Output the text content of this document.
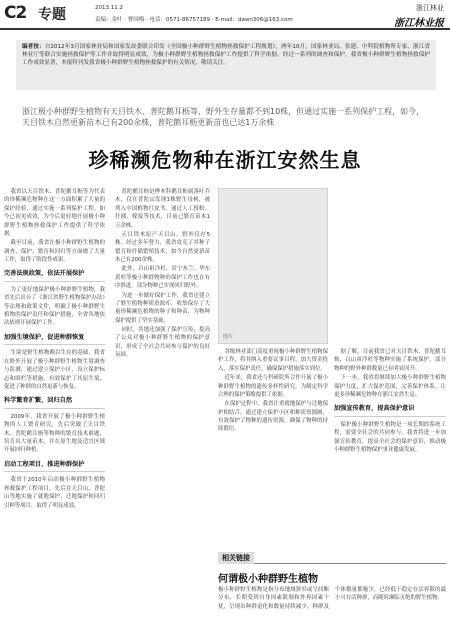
C2 专题	2013.11.2
责编：金叶 · 曹国梅 · 电话：0571-86757189 · E-mail：dawn306@163.com
浙江林业
浙江林业报
编者按：自2012年3月国家林业局和国家发改委联合印发《全国极小种群野生植物拯救保护工程规划》，两年10月，国家林业局、张建、中科院植物所专家、浙江省林业厅等联合实施拯救保护等工作并取得明显成效，为极小种群野生植物拯救保护工作提供了科学依据。经过一系列的调查和保护，我省极小种群野生植物拯救保护工作成效显著，本报特刊发我省极小种群野生植物拯救保护的有关情况，敬请关注。
浙江极小种群野生植物有天目铁木、普陀鹅耳枥等，野外生存量都不到10株，但通过实施一系列保护工程，如今，天目铁木自然更新苗木已有200余株，普陀鹅耳枥更新苗也已达1万余株
珍稀濒危物种在浙江安然生息

我省以天目铁木、普陀鹅耳枥等为代表的珍稀濒危物种在这一方面积累了大量的保护经验，通过实施一系列保护工程，如今已初见成效，为今后更好地开展极小种群野生植物拯救保护工作提供了科学依据。

截至目前，我省在极小种群野生植物的调查、保护、繁育和回归等方面做了大量工作，取得了阶段性成果。

完善法规政策，依法开展保护

为了更好地保护极小种群野生植物，我省先后出台了《浙江省野生植物保护办法》等法规和政策文件，明确了极小种群野生植物的保护责任和保护措施，全省各地依法依规开展保护工作。

加强生境保护，促进种群恢复

生境是野生植物赖以生存的基础，我省在野外开展了极小种群野生植物生境调查与监测，通过建立保护小区、设立保护标志和围栏等措施，有效保护了其原生境，促进了种群的自然更新与恢复。

科学繁育扩繁，回归自然

2009年，我省开展了极小种群野生植物的人工繁育研究，先后突破了天目铁木、普陀鹅耳枥等物种的繁育技术难题，培育出大量苗木，并在原生地及适宜区域开展回归种植。

启动工程项目，推进种群保护

我省于2010年启动极小种群野生植物拯救保护工程项目，先后在天目山、普陀山等地实施了就地保护、迁地保护和回归引种等项目，取得了明显成效。

普陀鹅耳枥是桦木科鹅耳枥属落叶乔木，仅在普陀山发现1株野生母树，被列入中国植物红皮书。通过人工授粉、扦插、嫁接等技术，目前已繁育苗木1万余株。

天目铁木原产天目山，野外仅存5株。经过多年努力，我省攻克了其种子繁育和扦插繁殖技术，如今自然更新苗木已有200余株。

此外，百山祖冷杉、景宁木兰、华东黄杉等极小种群物种的保护工作也在有序推进，部分物种已实现回归野外。

为进一步做好保护工作，我省还建立了野生植物种质资源库，收集保存了大量珍稀濒危植物的种子和种苗，为物种保护提供了坚实基础。

同时，各地还加强了保护宣传，提高了公众对极小种群野生植物的保护意识，形成了全社会共同参与保护的良好氛围。

图片

各级林业部门高度重视极小种群野生植物保护工作，将其纳入重要议事日程，加大资金投入，落实保护责任，确保保护措施落实到位。

近年来，我省还与科研院所合作开展了极小种群野生植物的遗传多样性研究，为制定科学合理的保护策略提供了依据。

在保护过程中，我省注重就地保护与迁地保护相结合，通过建立保护小区和种质资源圃，有效保护了物种的遗传资源，确保了物种的持续繁衍。

据了解，目前我省已对天目铁木、普陀鹅耳枥、百山祖冷杉等物种实施了系统保护，部分物种的野外种群数量已有明显回升。

下一步，我省将继续加大极小种群野生植物保护力度，扩大保护范围，完善保护体系，让更多珍稀濒危物种在浙江安然生息。

加强宣传教育，提高保护意识

保护极小种群野生植物是一项长期的系统工程，需要全社会的共同参与。我省将进一步加强宣传教育，提高全社会的保护意识，推动极小种群野生植物保护事业健康发展。

相关链接
何谓极小种群野生植物
极小种群野生植物是指分布地域狭窄或呈间断分布、长期受到自身因素限制和外界因素干扰，呈现出种群退化和数量持续减少，种群及个体数量都极少，已经低于稳定存活界限的最小可存活种群，而随时濒临灭绝的野生植物。
